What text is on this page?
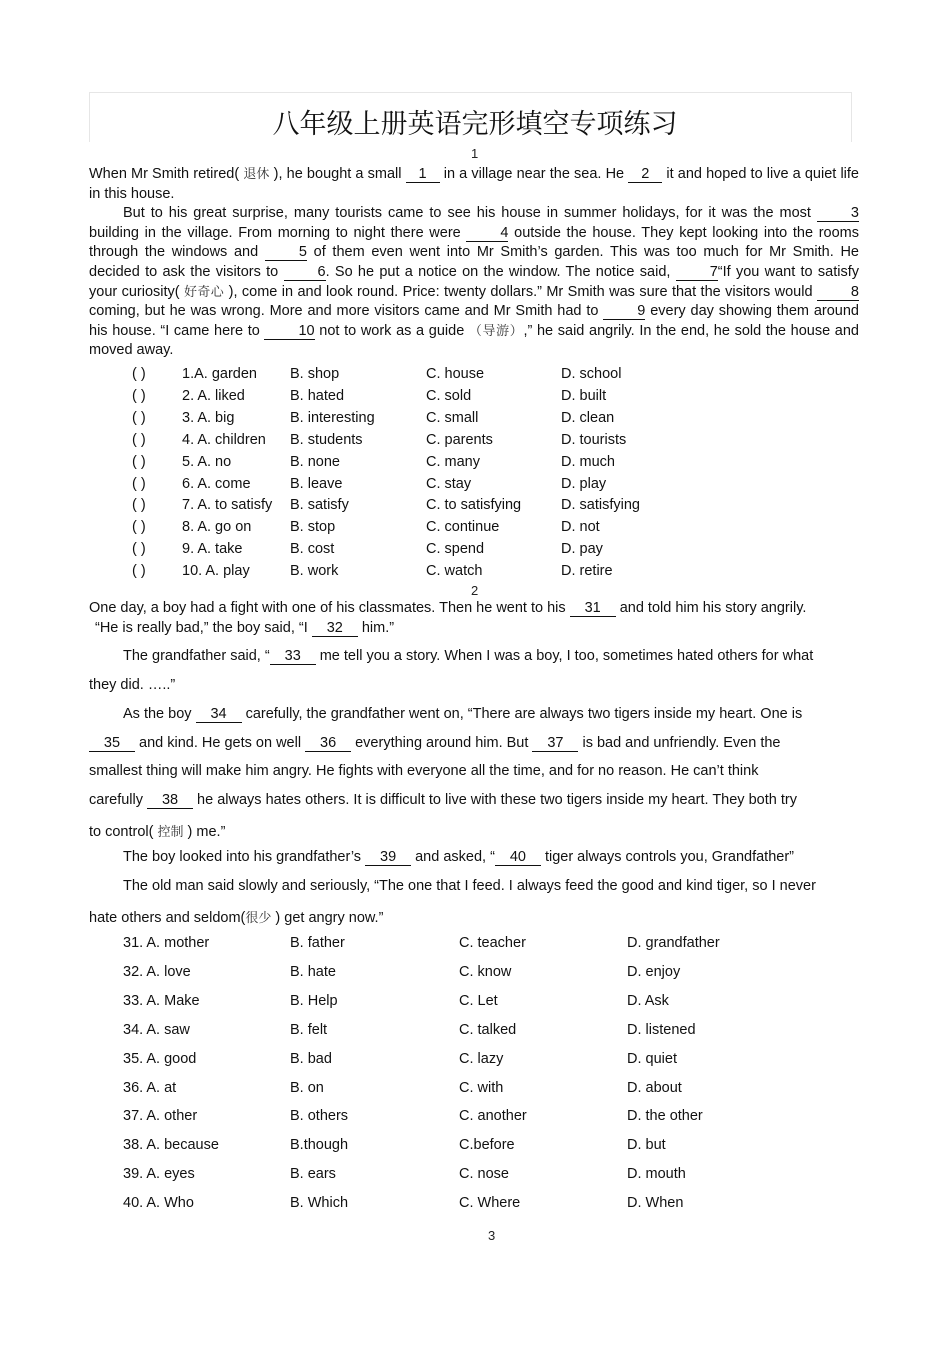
八年级上册英语完形填空专项练习
1

When Mr Smith retired( 退休 ), he bought a small 1 in a village near the sea. He 2 it and hoped to live a quiet life in this house.

But to his great surprise, many tourists came to see his house in summer holidays, for it was the most 3 building in the village. From morning to night there were 4 outside the house. They kept looking into the rooms through the windows and 5 of them even went into Mr Smith’s garden. This was too much for Mr Smith. He decided to ask the visitors to 6. So he put a notice on the window. The notice said, 7“If you want to satisfy your curiosity( 好奇心 ), come in and look round. Price: twenty dollars.” Mr Smith was sure that the visitors would 8 coming, but he was wrong. More and more visitors came and Mr Smith had to 9 every day showing them around his house. “I came here to 10 not to work as a guide （导游）,” he said angrily. In the end, he sold the house and moved away.

( )	1.A. garden B. shop	C. house	D. school
( )	2. A. liked	B. hated	C. sold	D. built
( )	3. A. big	B. interesting	C. small	D. clean
( )	4. A. children B. students	C. parents	D. tourists
( )	5. A. no	B. none	C. many	D. much
( )	6. A. come	B. leave	C. stay	D. play
( )	7. A. to satisfy B. satisfy	C. to satisfying	D. satisfying
( )	8. A. go on	B. stop	C. continue	D. not
( )	9. A. take	B. cost	C. spend	D. pay
( )	10. A. play	B. work	C. watch	D. retire
2
One day, a boy had a fight with one of his classmates. Then he went to his 31 and told him his story angrily.
“He is really bad,” the boy said, “I 32 him.”
The grandfather said, “ 33 me tell you a story. When I was a boy, I too, sometimes hated others for what
they did. …..”
As the boy 34 carefully, the grandfather went on, “There are always two tigers inside my heart. One is
35 and kind. He gets on well 36 everything around him. But 37 is bad and unfriendly. Even the
smallest thing will make him angry. He fights with everyone all the time, and for no reason. He can’t think
carefully 38 he always hates others. It is difficult to live with these two tigers inside my heart. They both try
to control( 控制 ) me.”
The boy looked into his grandfather’s 39 and asked, “ 40 tiger always controls you, Grandfather”
The old man said slowly and seriously, “The one that I feed. I always feed the good and kind tiger, so I never
hate others and seldom(很少 ) get angry now.”
31. A. mother	B. father	C. teacher	D. grandfather
32. A. love	B. hate	C. know	D. enjoy
33. A. Make	B. Help	C. Let	D. Ask
34. A. saw	B. felt	C. talked	D. listened
35. A. good	B. bad	C. lazy	D. quiet
36. A. at	B. on	C. with	D. about
37. A. other	B. others	C. another	D. the other
38. A. because	B.though	C.before	D. but
39. A. eyes	B. ears	C. nose	D. mouth
40. A. Who	B. Which	C. Where	D. When
3
